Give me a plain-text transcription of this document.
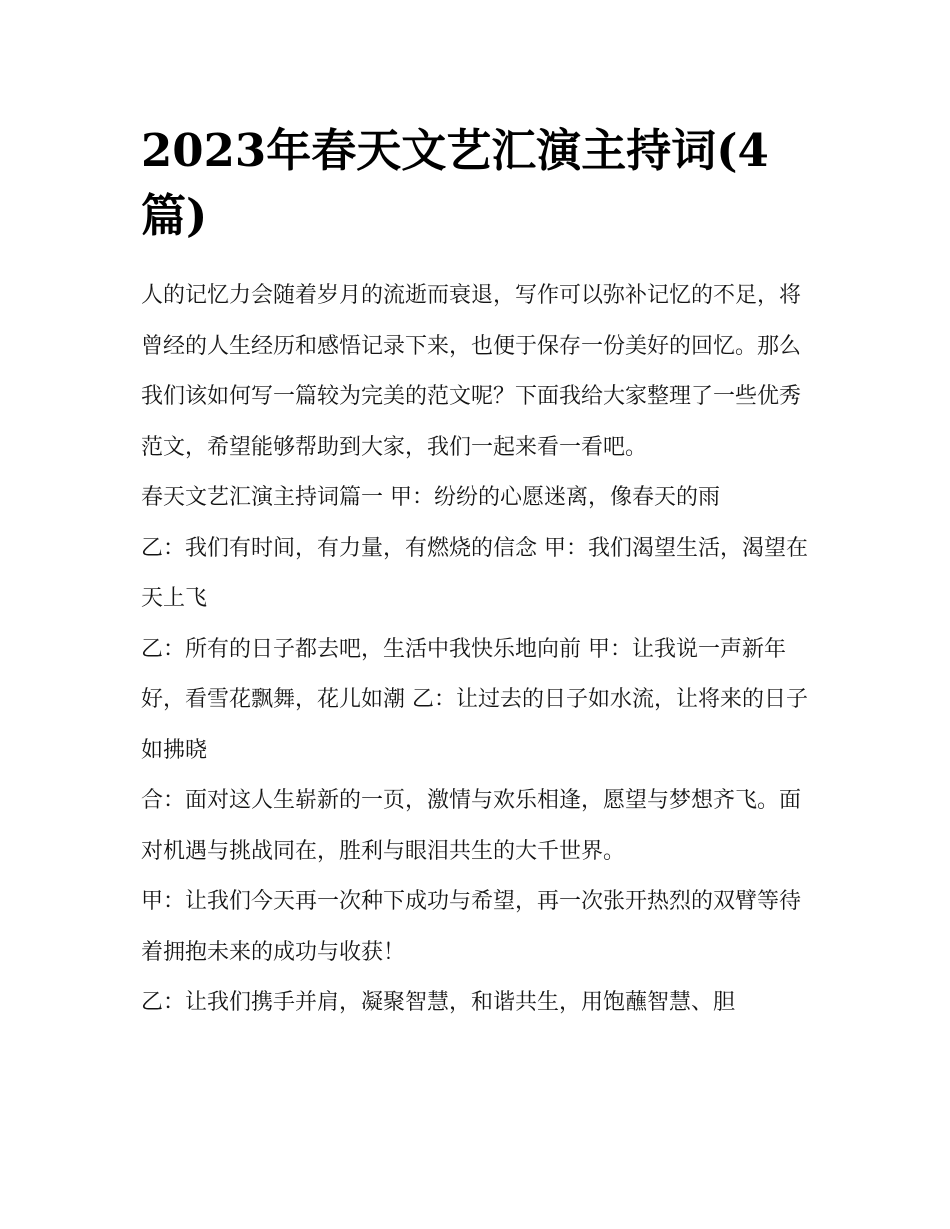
2023年春天文艺汇演主持词(4篇)

人的记忆力会随着岁月的流逝而衰退，写作可以弥补记忆的不足，将曾经的人生经历和感悟记录下来，也便于保存一份美好的回忆。那么我们该如何写一篇较为完美的范文呢？下面我给大家整理了一些优秀范文，希望能够帮助到大家，我们一起来看一看吧。

春天文艺汇演主持词篇一 甲：纷纷的心愿迷离，像春天的雨

乙：我们有时间，有力量，有燃烧的信念 甲：我们渴望生活，渴望在天上飞

乙：所有的日子都去吧，生活中我快乐地向前 甲：让我说一声新年好，看雪花飘舞，花儿如潮 乙：让过去的日子如水流，让将来的日子如拂晓

合：面对这人生崭新的一页，激情与欢乐相逢，愿望与梦想齐飞。面对机遇与挑战同在，胜利与眼泪共生的大千世界。

甲：让我们今天再一次种下成功与希望，再一次张开热烈的双臂等待着拥抱未来的成功与收获！

乙：让我们携手并肩，凝聚智慧，和谐共生，用饱蘸智慧、胆
